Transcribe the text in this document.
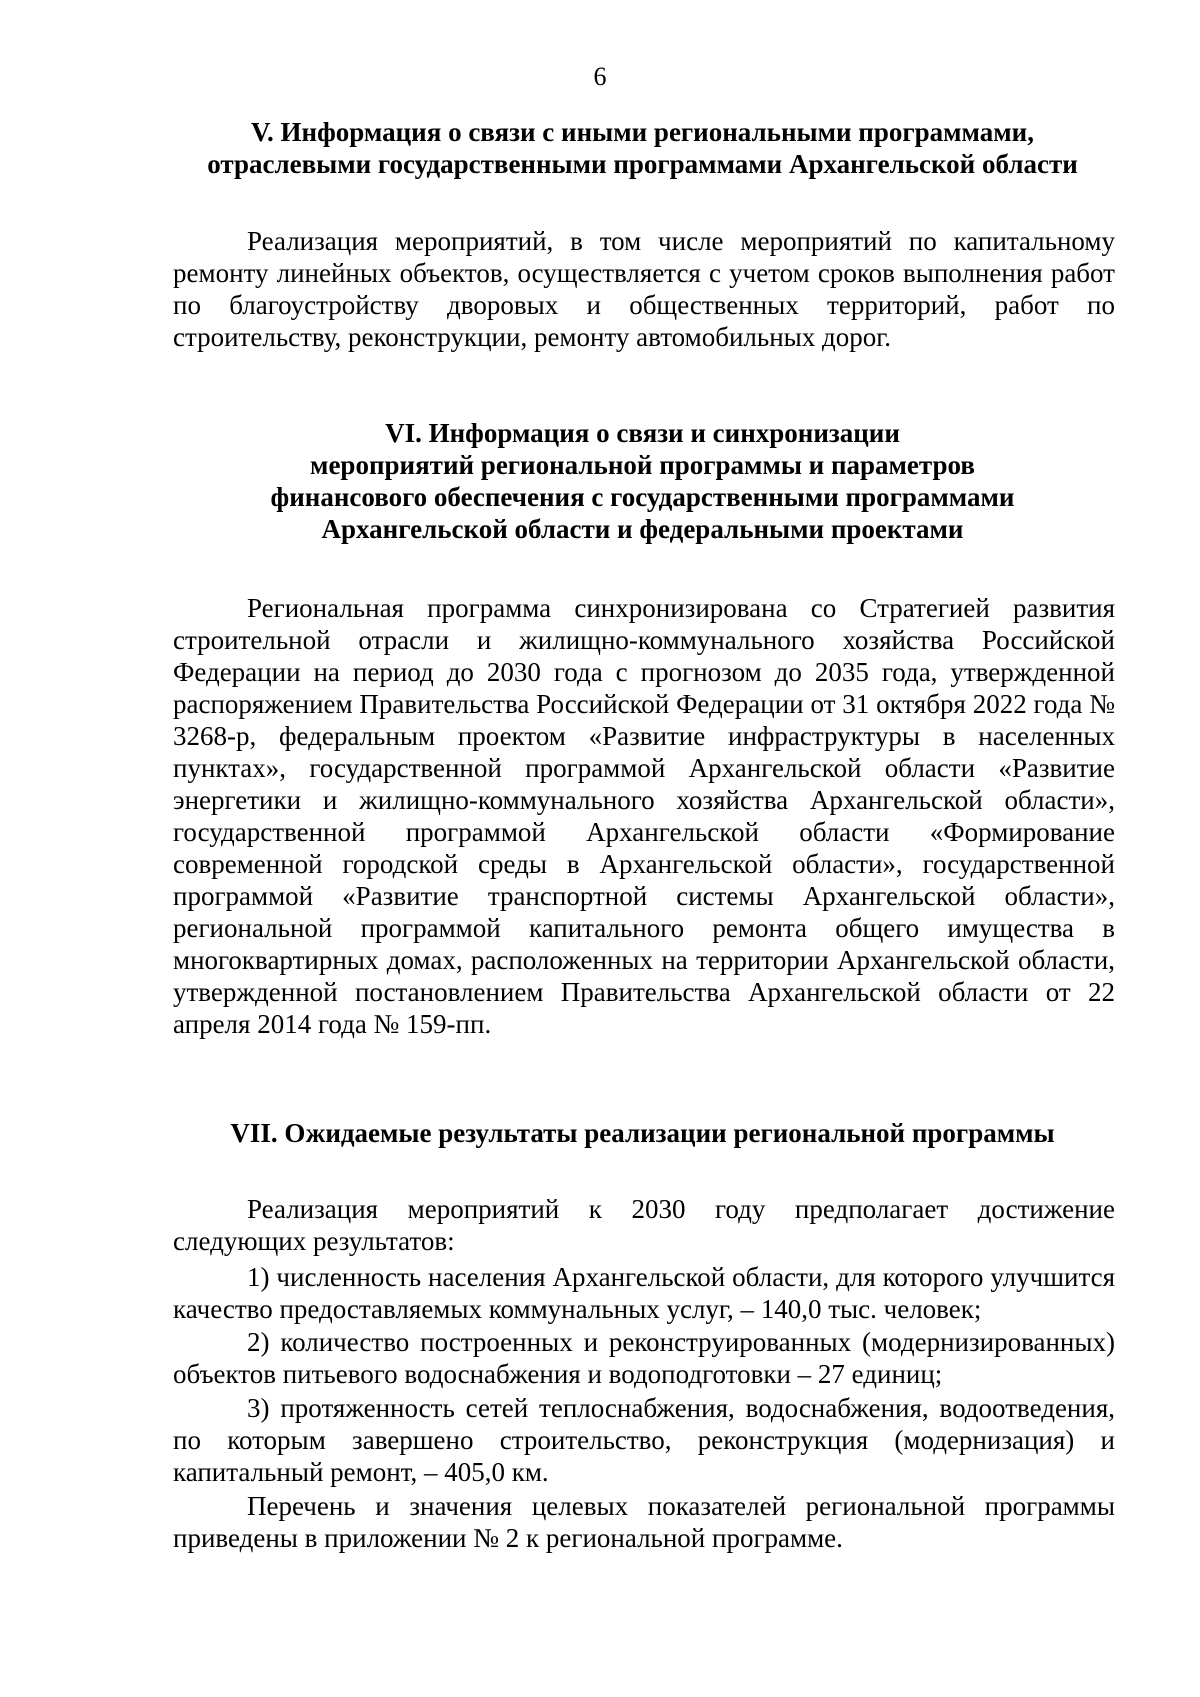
6
V. Информация о связи с иными региональными программами,
отраслевыми государственными программами Архангельской области

Реализация мероприятий, в том числе мероприятий по капитальному ремонту линейных объектов, осуществляется с учетом сроков выполнения работ по благоустройству дворовых и общественных территорий, работ по строительству, реконструкции, ремонту автомобильных дорог.

VI. Информация о связи и синхронизации
мероприятий региональной программы и параметров
финансового обеспечения с государственными программами
Архангельской области и федеральными проектами

Региональная программа синхронизирована со Стратегией развития строительной отрасли и жилищно-коммунального хозяйства Российской Федерации на период до 2030 года с прогнозом до 2035 года, утвержденной распоряжением Правительства Российской Федерации от 31 октября 2022 года № 3268-р, федеральным проектом «Развитие инфраструктуры в населенных пунктах», государственной программой Архангельской области «Развитие энергетики и жилищно-коммунального хозяйства Архангельской области», государственной программой Архангельской области «Формирование современной городской среды в Архангельской области», государственной программой «Развитие транспортной системы Архангельской области», региональной программой капитального ремонта общего имущества в многоквартирных домах, расположенных на территории Архангельской области, утвержденной постановлением Правительства Архангельской области от 22 апреля 2014 года № 159-пп.

VII. Ожидаемые результаты реализации региональной программы

Реализация мероприятий к 2030 году предполагает достижение следующих результатов:

1) численность населения Архангельской области, для которого улучшится качество предоставляемых коммунальных услуг, – 140,0 тыс. человек;

2) количество построенных и реконструированных (модернизированных) объектов питьевого водоснабжения и водоподготовки – 27 единиц;

3) протяженность сетей теплоснабжения, водоснабжения, водоотведения, по которым завершено строительство, реконструкция (модернизация) и капитальный ремонт, – 405,0 км.

Перечень и значения целевых показателей региональной программы приведены в приложении № 2 к региональной программе.
